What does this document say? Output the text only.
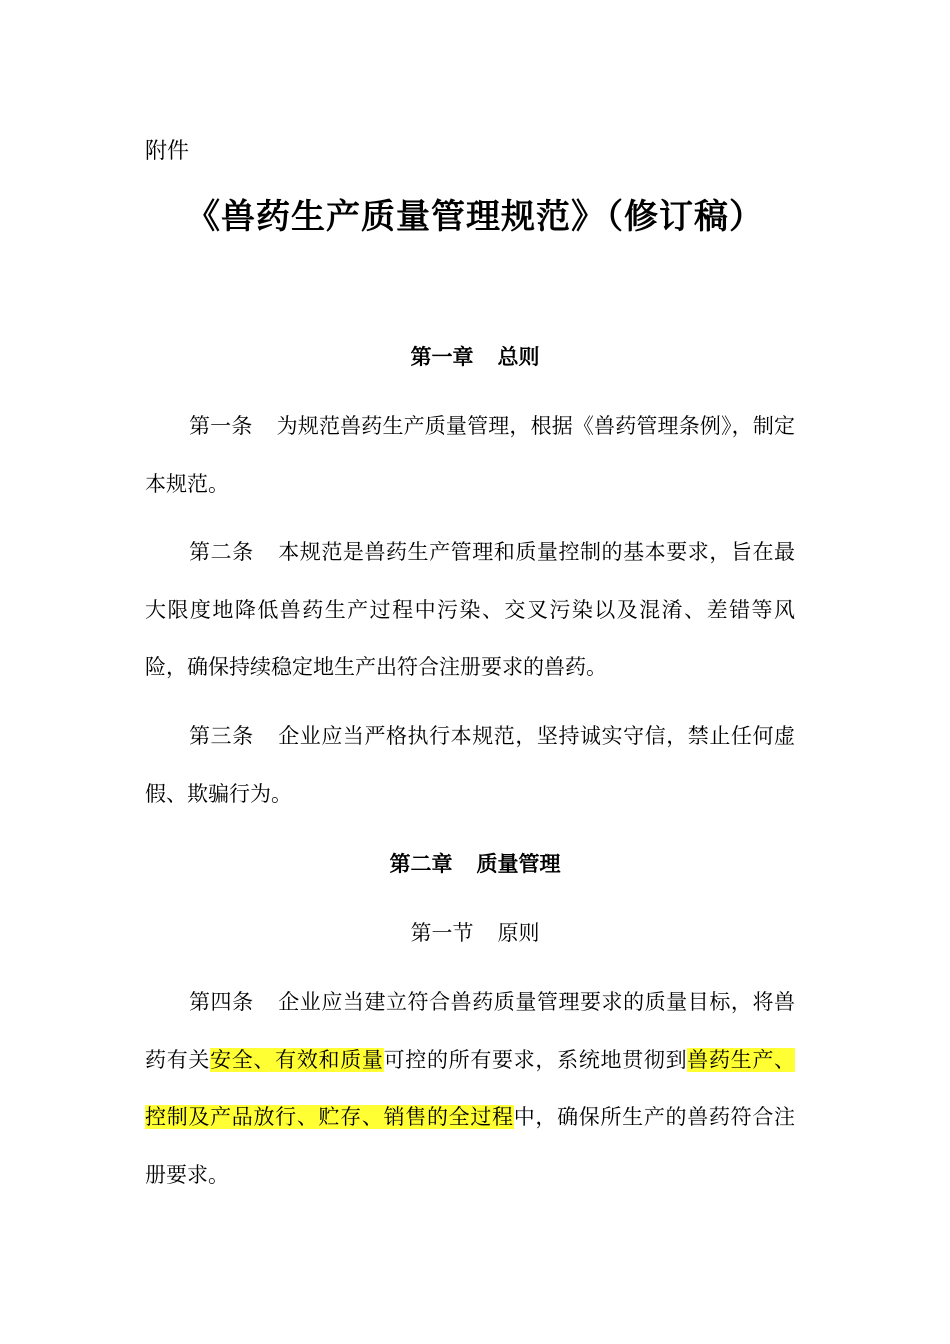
附件
《兽药生产质量管理规范》（修订稿）
第一章 总则
第一条 为规范兽药生产质量管理，根据《兽药管理条例》，制定本规范。
第二条 本规范是兽药生产管理和质量控制的基本要求，旨在最大限度地降低兽药生产过程中污染、交叉污染以及混淆、差错等风险，确保持续稳定地生产出符合注册要求的兽药。
第三条 企业应当严格执行本规范，坚持诚实守信，禁止任何虚假、欺骗行为。
第二章 质量管理
第一节 原则
第四条 企业应当建立符合兽药质量管理要求的质量目标，将兽药有关安全、有效和质量可控的所有要求，系统地贯彻到兽药生产、控制及产品放行、贮存、销售的全过程中，确保所生产的兽药符合注册要求。
